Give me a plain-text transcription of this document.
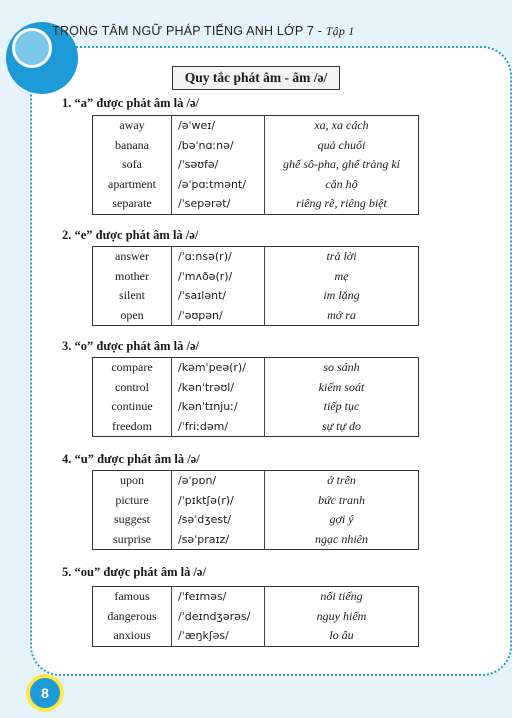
TRỌNG TÂM NGỮ PHÁP TIẾNG ANH LỚP 7 - Tập 1
Quy tắc phát âm - âm /ə/
1. “a” được phát âm là /ə/
away	/əˈweɪ/	xa, xa cách
banana	/bəˈnɑːnə/	quả chuối
sofa	/ˈsəʊfə/	ghế sô-pha, ghế tràng kỉ
apartment	/əˈpɑːtmənt/	căn hộ
separate	/ˈsepərət/	riêng rẽ, riêng biệt
2. “e” được phát âm là /ə/
answer	/ˈɑːnsə(r)/	trả lời
mother	/ˈmʌðə(r)/	mẹ
silent	/ˈsaɪlənt/	im lặng
open	/ˈəʊpən/	mở ra
3. “o” được phát âm là /ə/
compare	/kəmˈpeə(r)/	so sánh
control	/kənˈtrəʊl/	kiểm soát
continue	/kənˈtɪnjuː/	tiếp tục
freedom	/ˈfriːdəm/	sự tự do
4. “u” được phát âm là /ə/
upon	/əˈpɒn/	ở trên
picture	/ˈpɪktʃə(r)/	bức tranh
suggest	/səˈdʒest/	gợi ý
surprise	/səˈpraɪz/	ngạc nhiên
5. “ou” được phát âm là /ə/
famous	/ˈfeɪməs/	nổi tiếng
dangerous	/ˈdeɪndʒərəs/	nguy hiểm
anxious	/ˈæŋkʃəs/	lo âu
8
